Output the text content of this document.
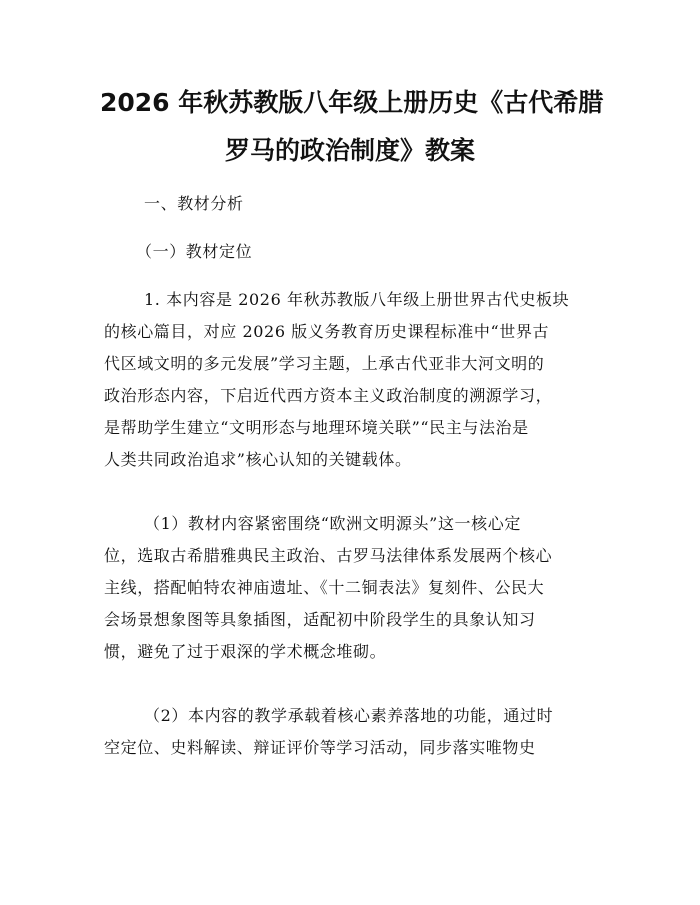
2026 年秋苏教版八年级上册历史《古代希腊
罗马的政治制度》教案
一、教材分析
（一）教材定位
1. 本内容是 2026 年秋苏教版八年级上册世界古代史板块
的核心篇目，对应 2026 版义务教育历史课程标准中“世界古
代区域文明的多元发展”学习主题，上承古代亚非大河文明的
政治形态内容，下启近代西方资本主义政治制度的溯源学习，
是帮助学生建立“文明形态与地理环境关联”“民主与法治是
人类共同政治追求”核心认知的关键载体。
（1）教材内容紧密围绕“欧洲文明源头”这一核心定
位，选取古希腊雅典民主政治、古罗马法律体系发展两个核心
主线，搭配帕特农神庙遗址、《十二铜表法》复刻件、公民大
会场景想象图等具象插图，适配初中阶段学生的具象认知习
惯，避免了过于艰深的学术概念堆砌。
（2）本内容的教学承载着核心素养落地的功能，通过时
空定位、史料解读、辩证评价等学习活动，同步落实唯物史
